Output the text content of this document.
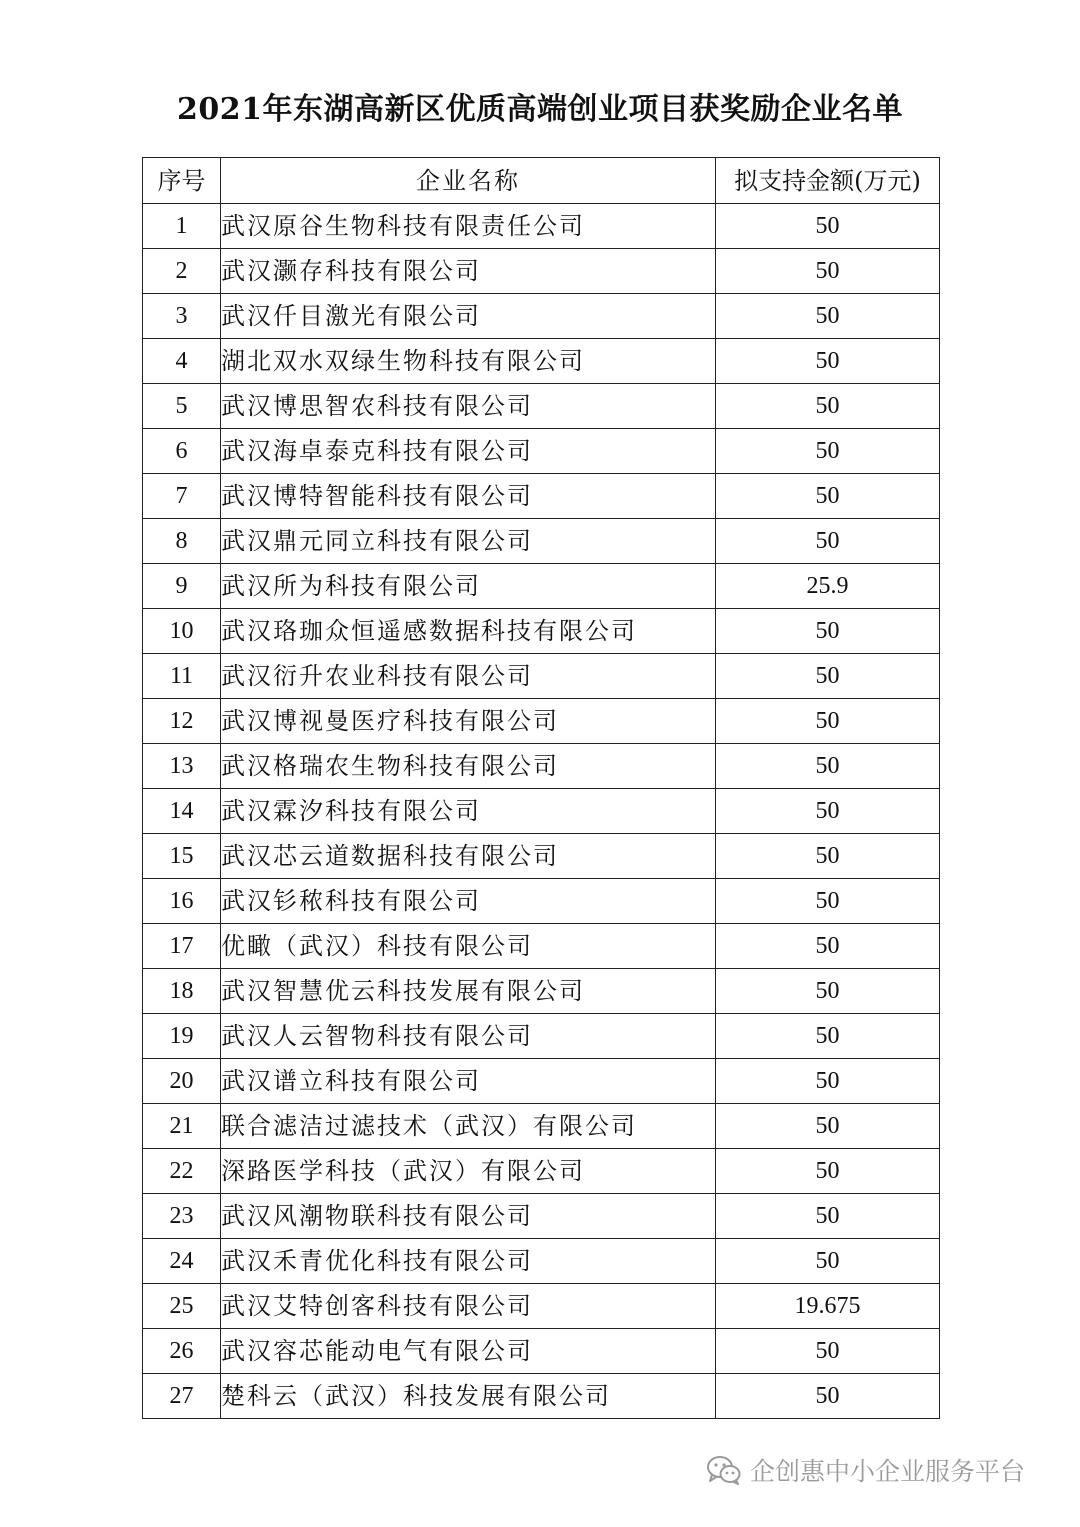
2021年东湖高新区优质高端创业项目获奖励企业名单
序号	企业名称	拟支持金额(万元)
1	武汉原谷生物科技有限责任公司	50
2	武汉灏存科技有限公司	50
3	武汉仟目激光有限公司	50
4	湖北双水双绿生物科技有限公司	50
5	武汉博思智农科技有限公司	50
6	武汉海卓泰克科技有限公司	50
7	武汉博特智能科技有限公司	50
8	武汉鼎元同立科技有限公司	50
9	武汉所为科技有限公司	25.9
10	武汉珞珈众恒遥感数据科技有限公司	50
11	武汉衍升农业科技有限公司	50
12	武汉博视曼医疗科技有限公司	50
13	武汉格瑞农生物科技有限公司	50
14	武汉霖汐科技有限公司	50
15	武汉芯云道数据科技有限公司	50
16	武汉钐秾科技有限公司	50
17	优瞰（武汉）科技有限公司	50
18	武汉智慧优云科技发展有限公司	50
19	武汉人云智物科技有限公司	50
20	武汉谱立科技有限公司	50
21	联合滤洁过滤技术（武汉）有限公司	50
22	深路医学科技（武汉）有限公司	50
23	武汉风潮物联科技有限公司	50
24	武汉禾青优化科技有限公司	50
25	武汉艾特创客科技有限公司	19.675
26	武汉容芯能动电气有限公司	50
27	楚科云（武汉）科技发展有限公司	50
企创惠中小企业服务平台
